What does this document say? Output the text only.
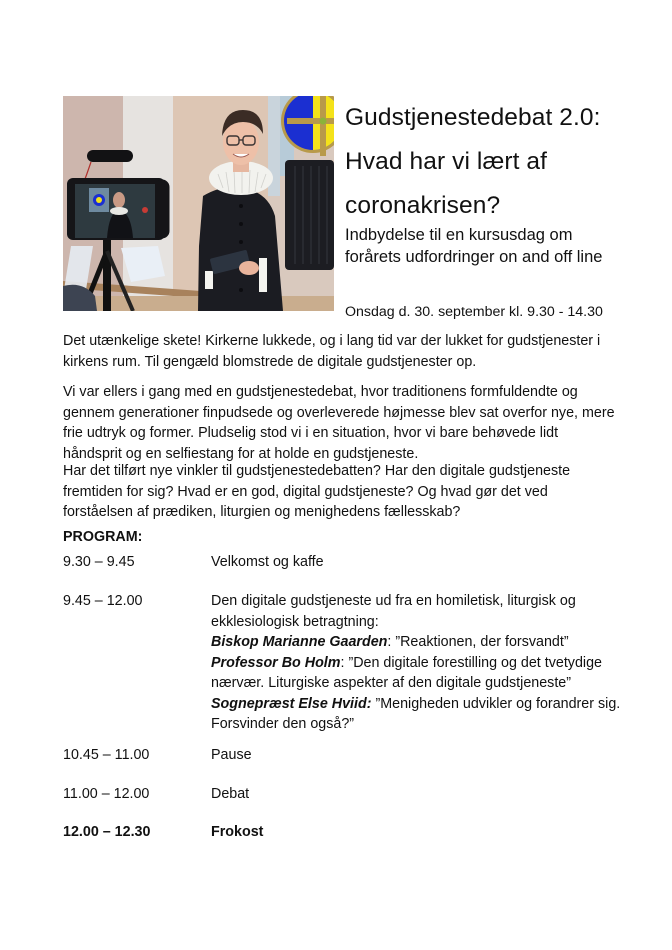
Gudstjenestedebat 2.0:
Hvad har vi lært af
coronakrisen?
Indbydelse til en kursusdag om forårets udfordringer on and off line
Onsdag d. 30. september kl. 9.30 - 14.30

Det utænkelige skete! Kirkerne lukkede, og i lang tid var der lukket for gudstjenester i kirkens rum. Til gengæld blomstrede de digitale gudstjenester op.

Vi var ellers i gang med en gudstjenestedebat, hvor traditionens formfuldendte og gennem generationer finpudsede og overleverede højmesse blev sat overfor nye, mere frie udtryk og former. Pludselig stod vi i en situation, hvor vi bare behøvede lidt håndsprit og en selfiestang for at holde en gudstjeneste.

Har det tilført nye vinkler til gudstjenestedebatten? Har den digitale gudstjeneste fremtiden for sig? Hvad er en god, digital gudstjeneste? Og hvad gør det ved forståelsen af prædiken, liturgien og menighedens fællesskab?

PROGRAM:
9.30 – 9.45	Velkomst og kaffe
9.45 – 12.00	Den digitale gudstjeneste ud fra en homiletisk, liturgisk og ekklesiologisk betragtning:
Biskop Marianne Gaarden: ”Reaktionen, der forsvandt”
Professor Bo Holm: ”Den digitale forestilling og det tvetydige nærvær. Liturgiske aspekter af den digitale gudstjeneste”
Sognepræst Else Hviid: ”Menigheden udvikler og forandrer sig. Forsvinder den også?”
10.45 – 11.00	Pause
11.00 – 12.00	Debat
12.00 – 12.30	Frokost
